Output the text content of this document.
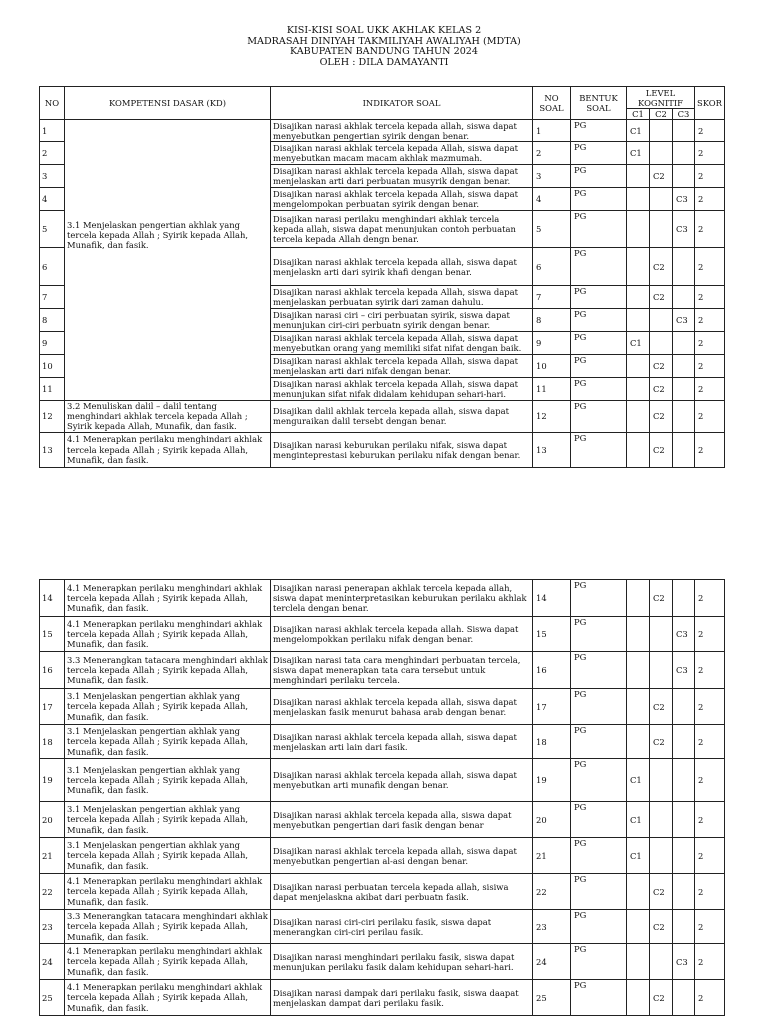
KISI-KISI SOAL UKK AKHLAK KELAS 2
MADRASAH DINIYAH TAKMILIYAH AWALIYAH (MDTA)
KABUPATEN BANDUNG TAHUN 2024
OLEH : DILA DAMAYANTI
NO	KOMPETENSI DASAR (KD)	INDIKATOR SOAL	NO SOAL	BENTUK SOAL	LEVEL KOGNITIF			SKOR
					C1	C2	C3	
1	3.1 Menjelaskan pengertian akhlak yang tercela kepada Allah ; Syirik kepada Allah, Munafik, dan fasik.	Disajikan narasi akhlak tercela kepada allah, siswa dapat menyebutkan pengertian syirik dengan benar.	1	PG	C1			2
2		Disajikan narasi akhlak tercela kepada Allah, siswa dapat menyebutkan macam macam akhlak mazmumah.	2	PG	C1			2
3		Disajikan narasi akhlak tercela kepada Allah, siswa dapat menjelaskan arti dari perbuatan musyrik dengan benar.	3	PG		C2		2
4		Disajikan narasi akhlak tercela kepada Allah, siswa dapat mengelompokan perbuatan syirik dengan benar.	4	PG			C3	2
5		Disajikan narasi perilaku menghindari akhlak tercela kepada allah, siswa dapat menunjukan contoh perbuatan tercela kepada Allah dengn benar.	5	PG			C3	2
6		Disajikan narasi akhlak tercela kepada allah, siswa dapat menjelaskn arti dari syirik khafi dengan benar.	6	PG		C2		2
7		Disajikan narasi akhlak tercela kepada Allah, siswa dapat menjelaskan perbuatan syirik dari zaman dahulu.	7	PG		C2		2
8		Disajikan narasi ciri – ciri perbuatan syirik, siswa dapat menunjukan ciri-ciri perbuatn syirik dengan benar.	8	PG			C3	2
9		Disajikan narasi akhlak tercela kepada Allah, siswa dapat menyebutkan orang yang memiliki sifat nifat dengan baik.	9	PG	C1			2
10		Disajikan narasi akhlak tercela kepada Allah, siswa dapat menjelaskan arti dari nifak dengan benar.	10	PG		C2		2
11		Disajikan narasi akhlak tercela kepada Allah, siswa dapat menunjukan sifat nifak didalam kehidupan sehari-hari.	11	PG		C2		2
12	3.2 Menuliskan dalil – dalil tentang menghindari akhlak tercela kepada Allah ; Syirik kepada Allah, Munafik, dan fasik.	Disajikan dalil akhlak tercela kepada allah, siswa dapat menguraikan dalil tersebt dengan benar.	12	PG		C2		2
13	4.1 Menerapkan perilaku menghindari akhlak tercela kepada Allah ; Syirik kepada Allah, Munafik, dan fasik.	Disajikan narasi keburukan perilaku nifak, siswa dapat menginteprestasi keburukan perilaku nifak dengan benar.	13	PG		C2		2
14	4.1 Menerapkan perilaku menghindari akhlak tercela kepada Allah ; Syirik kepada Allah, Munafik, dan fasik.	Disajikan narasi penerapan akhlak tercela kepada allah, siswa dapat meninterpretasikan keburukan perilaku akhlak terclela dengan benar.	14	PG		C2		2
15	4.1 Menerapkan perilaku menghindari akhlak tercela kepada Allah ; Syirik kepada Allah, Munafik, dan fasik.	Disajikan narasi akhlak tercela kepada allah. Siswa dapat mengelompokkan perilaku nifak dengan benar.	15	PG			C3	2
16	3.3 Menerangkan tatacara menghindari akhlak tercela kepada Allah ; Syirik kepada Allah, Munafik, dan fasik.	Disajikan narasi tata cara menghindari perbuatan tercela, siswa dapat menerapkan tata cara tersebut untuk menghindari perilaku tercela.	16	PG			C3	2
17	3.1 Menjelaskan pengertian akhlak yang tercela kepada Allah ; Syirik kepada Allah, Munafik, dan fasik.	Disajikan narasi akhlak tercela kepada allah, siswa dapat menjelaskan fasik menurut bahasa arab dengan benar.	17	PG		C2		2
18	3.1 Menjelaskan pengertian akhlak yang tercela kepada Allah ; Syirik kepada Allah, Munafik, dan fasik.	Disajikan narasi akhlak tercela kepada allah, siswa dapat menjelaskan arti lain dari fasik.	18	PG		C2		2
19	3.1 Menjelaskan pengertian akhlak yang tercela kepada Allah ; Syirik kepada Allah, Munafik, dan fasik.	Disajikan narasi akhlak tercela kepada allah, siswa dapat menyebutkan arti munafik dengan benar.	19	PG	C1			2
20	3.1 Menjelaskan pengertian akhlak yang tercela kepada Allah ; Syirik kepada Allah, Munafik, dan fasik.	Disajikan narasi akhlak tercela kepada alla, siswa dapat menyebutkan pengertian dari fasik dengan benar	20	PG	C1			2
21	3.1 Menjelaskan pengertian akhlak yang tercela kepada Allah ; Syirik kepada Allah, Munafik, dan fasik.	Disajikan narasi akhlak tercela kepada allah, siswa dapat menyebutkan pengertian al-asi dengan benar.	21	PG	C1			2
22	4.1 Menerapkan perilaku menghindari akhlak tercela kepada Allah ; Syirik kepada Allah, Munafik, dan fasik.	Disajikan narasi perbuatan tercela kepada allah, sisiwa dapat menjelaskna akibat dari perbuatn fasik.	22	PG		C2		2
23	3.3 Menerangkan tatacara menghindari akhlak tercela kepada Allah ; Syirik kepada Allah, Munafik, dan fasik.	Disajikan narasi ciri-ciri perilaku fasik, siswa dapat menerangkan ciri-ciri perilau fasik.	23	PG		C2		2
24	4.1 Menerapkan perilaku menghindari akhlak tercela kepada Allah ; Syirik kepada Allah, Munafik, dan fasik.	Disajikan narasi menghindari perilaku fasik, siswa dapat menunjukan perilaku fasik dalam kehidupan sehari-hari.	24	PG			C3	2
25	4.1 Menerapkan perilaku menghindari akhlak tercela kepada Allah ; Syirik kepada Allah, Munafik, dan fasik.	Disajikan narasi dampak dari perilaku fasik, siswa daapat menjelaskan dampat dari perilaku fasik.	25	PG		C2		2
